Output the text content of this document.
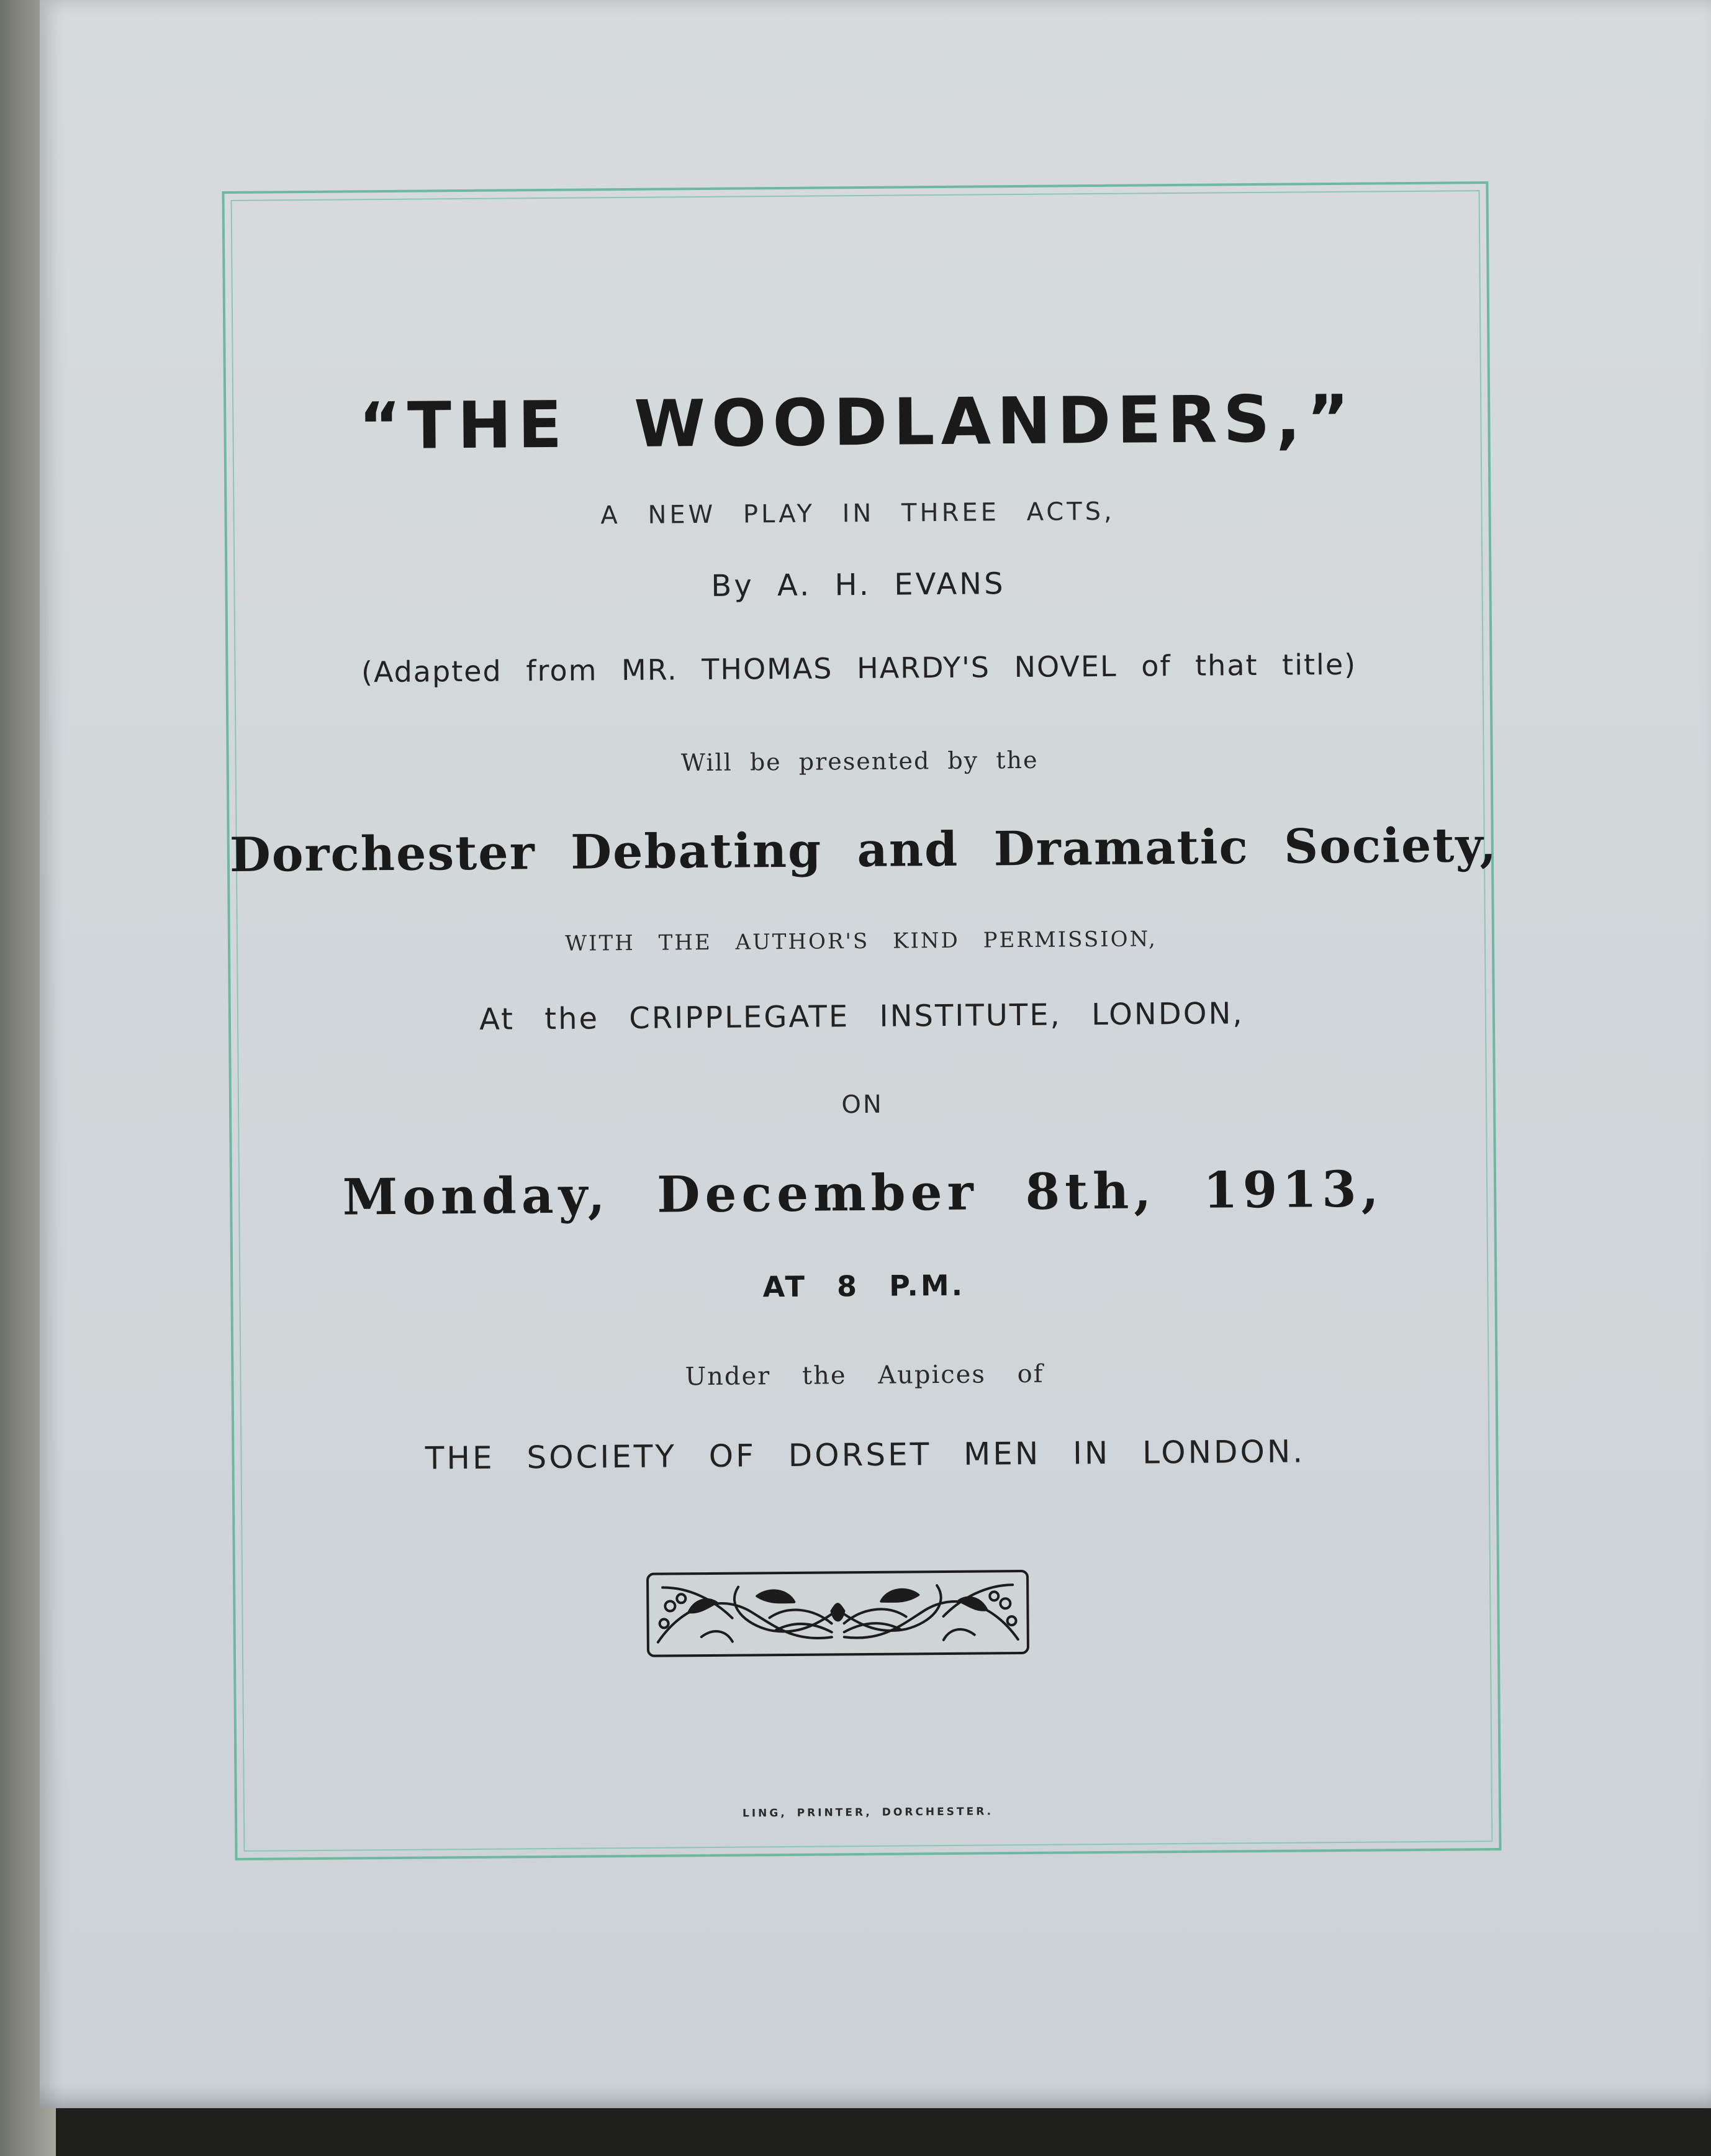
“THE WOODLANDERS,”
A NEW PLAY IN THREE ACTS,
By A. H. EVANS
(Adapted from MR. THOMAS HARDY'S NOVEL of that title)
Will be presented by the
Dorchester Debating and Dramatic Society,
WITH THE AUTHOR'S KIND PERMISSION,
At the CRIPPLEGATE INSTITUTE, LONDON,
ON
Monday, December 8th, 1913,
AT 8 P.M.
Under the Aupices of
THE SOCIETY OF DORSET MEN IN LONDON.
LING, PRINTER, DORCHESTER.
